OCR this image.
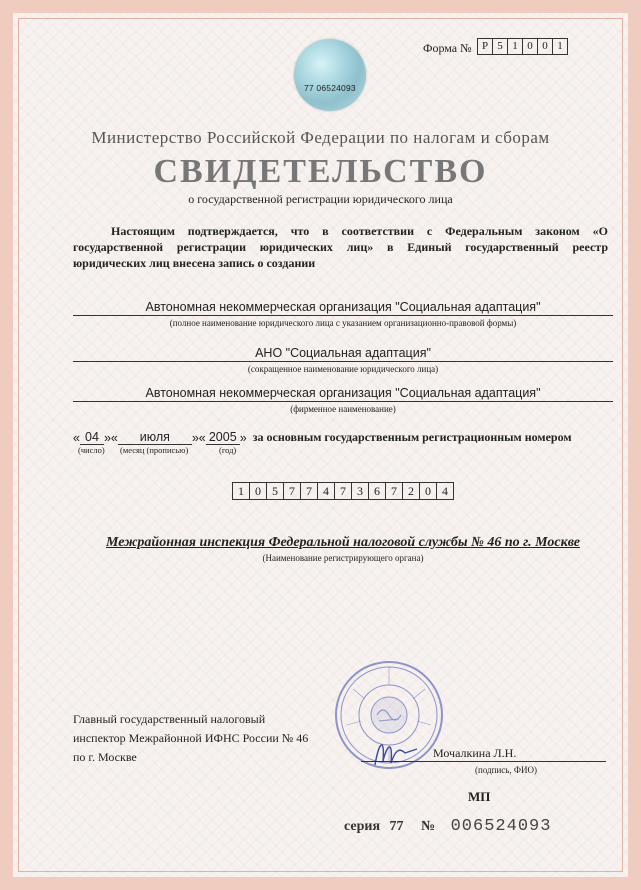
Форма № Р 5 1 0 0 1
77 06524093
Министерство Российской Федерации по налогам и сборам
СВИДЕТЕЛЬСТВО
о государственной регистрации юридического лица
Настоящим подтверждается, что в соответствии с Федеральным законом «О государственной регистрации юридических лиц» в Единый государственный реестр юридических лиц внесена запись о создании
Автономная некоммерческая организация "Социальная адаптация"
(полное наименование юридического лица с указанием организационно-правовой формы)
АНО "Социальная адаптация"
(сокращенное наименование юридического лица)
Автономная некоммерческая организация "Социальная адаптация"
(фирменное наименование)
« 04 »«	июля	»« 2005 » за основным государственным регистрационным номером
(число) (месяц (прописью)	(год)
1 0 5 7 7 4 7 3 6 7 2 0 4
Межрайонная инспекция Федеральной налоговой службы № 46 по г. Москве
(Наименование регистрирующего органа)
Главный государственный налоговый
инспектор Межрайонной ИФНС России № 46
по г. Москве	Мочалкина Л.Н.
(подпись, ФИО)
МП
серия 77 № 006524093
